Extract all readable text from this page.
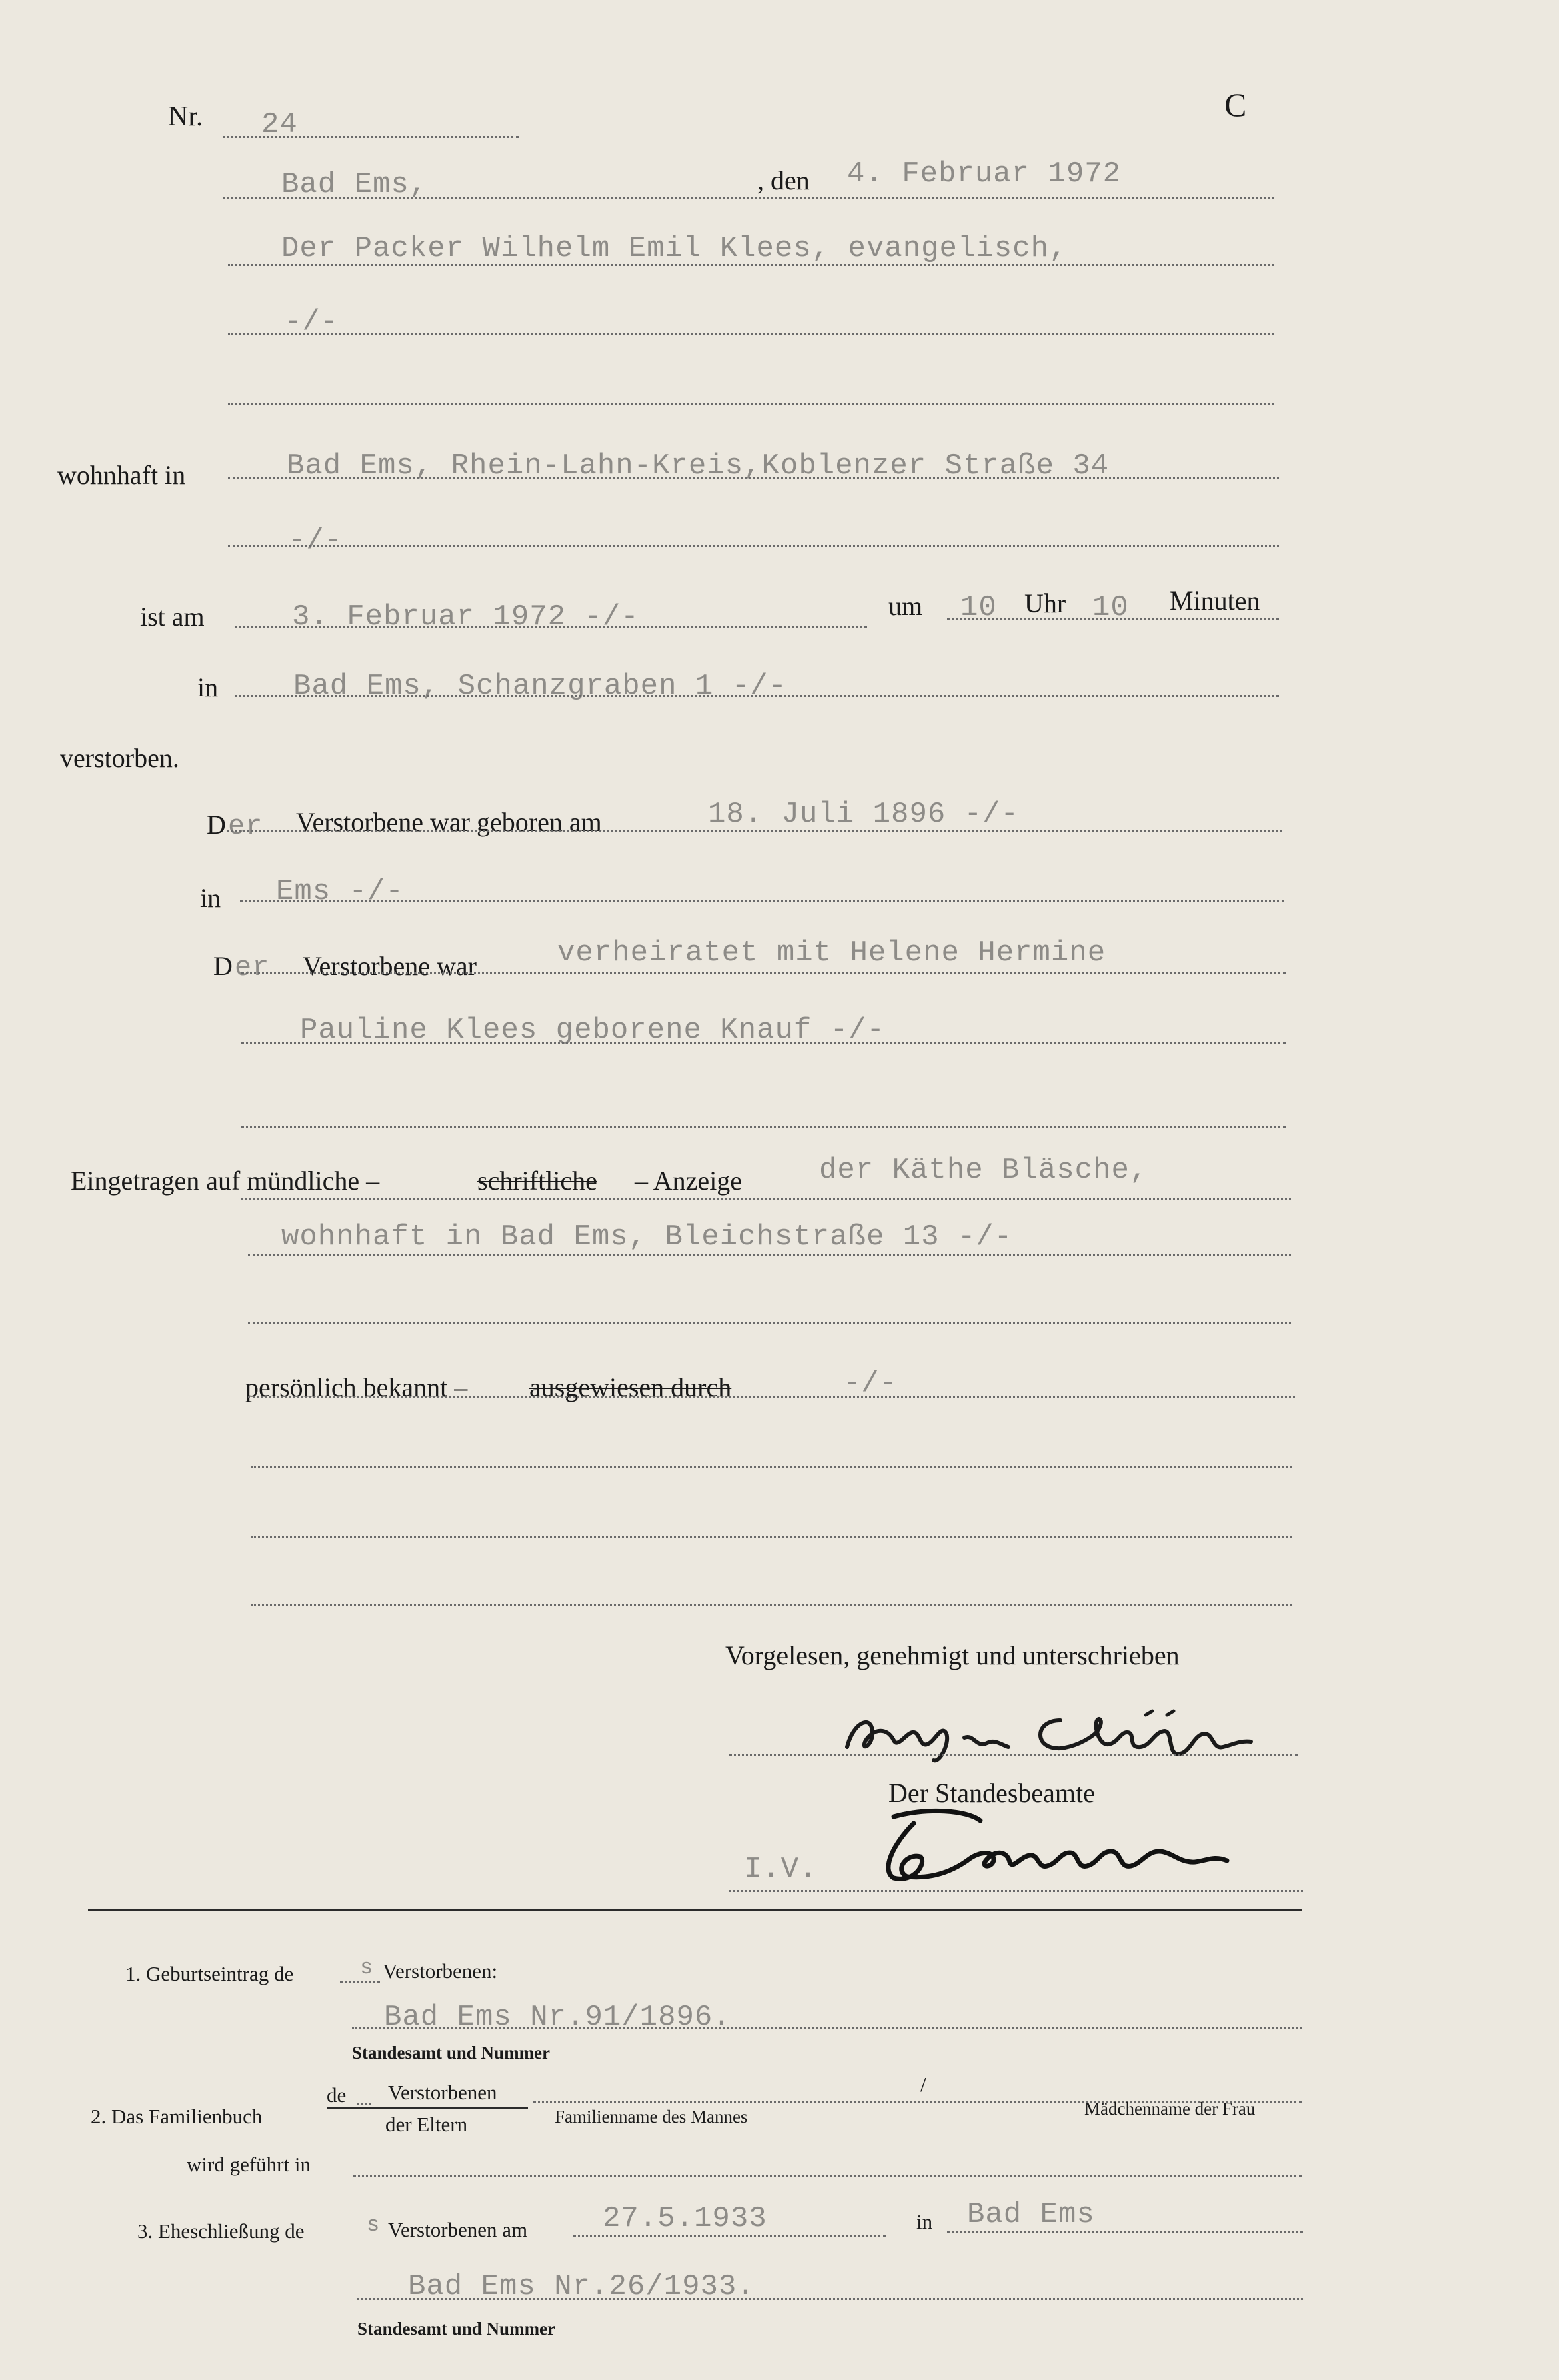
Nr. 24
C
Bad Ems,	, den 4. Februar 1972
Der Packer Wilhelm Emil Klees, evangelisch,
-/-
wohnhaft in	Bad Ems, Rhein-Lahn-Kreis,Koblenzer Straße 34
-/-
ist am	3. Februar 1972 -/-	um 10 Uhr 10 Minuten
in	Bad Ems, Schanzgraben 1 -/-
verstorben.
D er Verstorbene war geboren am	18. Juli 1896 -/-
in Ems -/-
D er Verstorbene war	verheiratet mit Helene Hermine
Pauline Klees geborene Knauf -/-
Eingetragen auf mündliche –	schriftliche – Anzeige	der Käthe Bläsche,
wohnhaft in Bad Ems, Bleichstraße 13 -/-
persönlich bekannt – ausgewiesen durch	-/-
Vorgelesen, genehmigt und unterschrieben
Der Standesbeamte
I.V.
1. Geburtseintrag de	s Verstorbenen:
Bad Ems Nr.91/1896.
Standesamt und Nummer
2. Das Familienbuch
de Verstorbenen
der Eltern
/
Familienname des Mannes	Mädchenname der Frau
wird geführt in
3. Eheschließung de	s Verstorbenen am	27.5.1933	in Bad Ems
Bad Ems Nr.26/1933.
Standesamt und Nummer
